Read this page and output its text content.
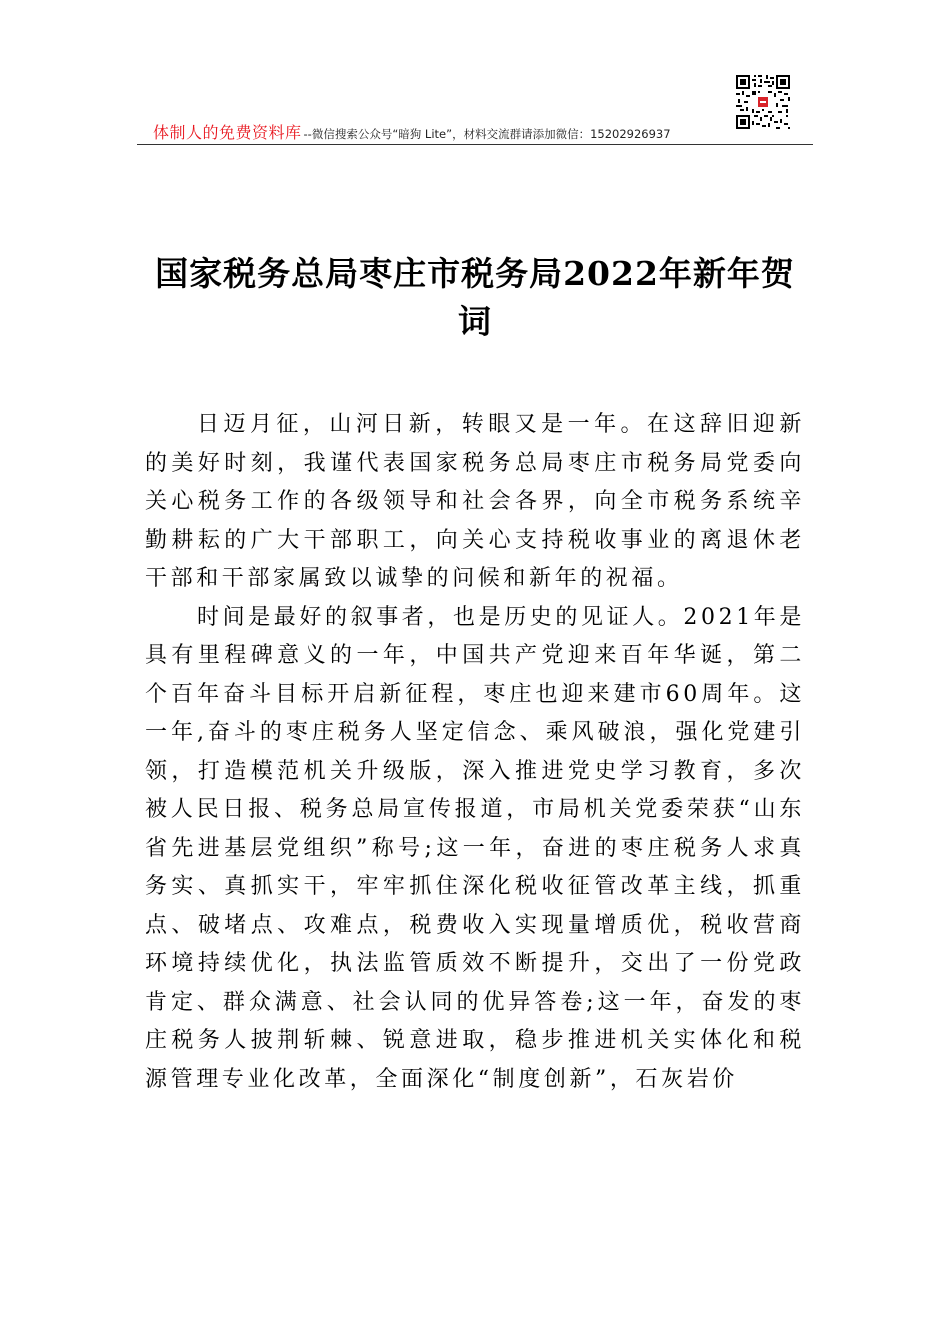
体制人的免费资料库 --微信搜索公众号“暗狗 Lite”，材料交流群请添加微信：15202926937
国家税务总局枣庄市税务局2022年新年贺
词

日迈月征，山河日新，转眼又是一年。在这辞旧迎新的美好时刻，我谨代表国家税务总局枣庄市税务局党委向关心税务工作的各级领导和社会各界，向全市税务系统辛勤耕耘的广大干部职工，向关心支持税收事业的离退休老干部和干部家属致以诚挚的问候和新年的祝福。

时间是最好的叙事者，也是历史的见证人。2021年是具有里程碑意义的一年，中国共产党迎来百年华诞，第二个百年奋斗目标开启新征程，枣庄也迎来建市60周年。这一年,奋斗的枣庄税务人坚定信念、乘风破浪，强化党建引领，打造模范机关升级版，深入推进党史学习教育，多次被人民日报、税务总局宣传报道，市局机关党委荣获“山东省先进基层党组织”称号;这一年，奋进的枣庄税务人求真务实、真抓实干，牢牢抓住深化税收征管改革主线，抓重点、破堵点、攻难点，税费收入实现量增质优，税收营商环境持续优化，执法监管质效不断提升，交出了一份党政肯定、群众满意、社会认同的优异答卷;这一年，奋发的枣庄税务人披荆斩棘、锐意进取，稳步推进机关实体化和税源管理专业化改革，全面深化“制度创新”，石灰岩价
